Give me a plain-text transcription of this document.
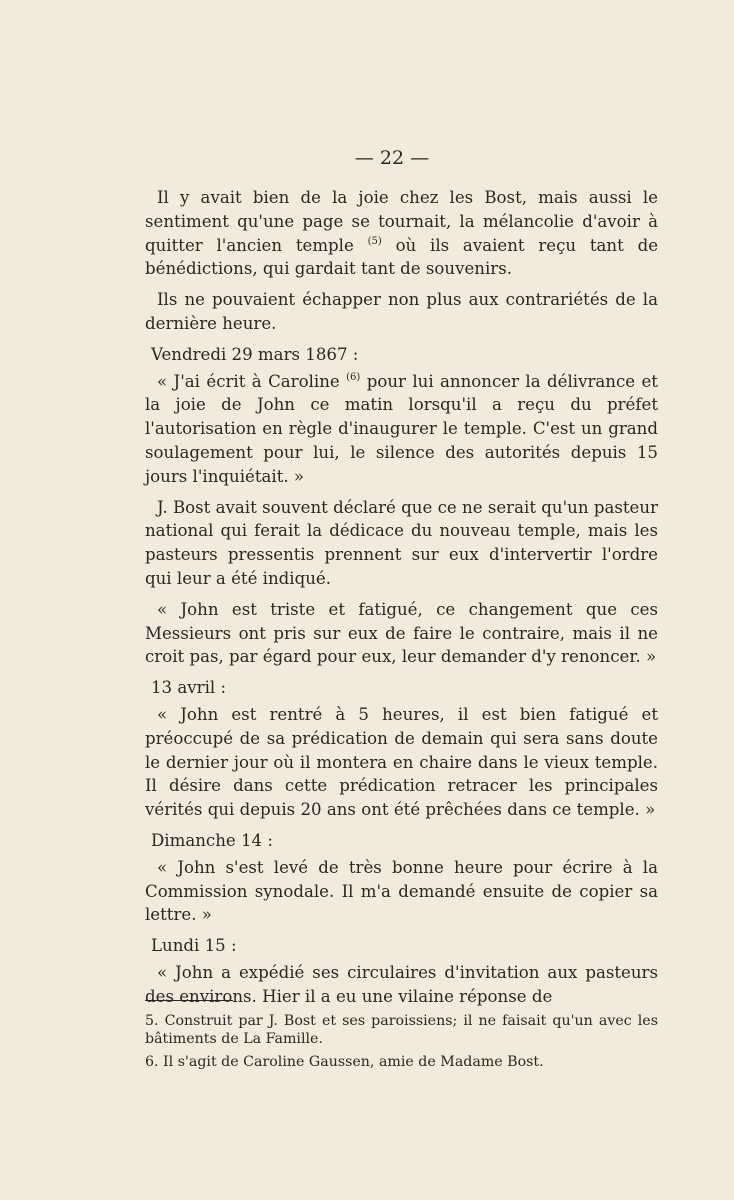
— 22 —

Il y avait bien de la joie chez les Bost, mais aussi le sentiment qu'une page se tournait, la mélancolie d'avoir à quitter l'ancien temple $^{(5)}$ où ils avaient reçu tant de bénédictions, qui gardait tant de souvenirs.

Ils ne pouvaient échapper non plus aux contrariétés de la dernière heure.

Vendredi 29 mars 1867 :

« J'ai écrit à Caroline $^{(6)}$ pour lui annoncer la délivrance et la joie de John ce matin lorsqu'il a reçu du préfet l'autorisation en règle d'inaugurer le temple. C'est un grand soulagement pour lui, le silence des autorités depuis 15 jours l'inquiétait. »

J. Bost avait souvent déclaré que ce ne serait qu'un pasteur national qui ferait la dédicace du nouveau temple, mais les pasteurs pressentis prennent sur eux d'intervertir l'ordre qui leur a été indiqué.

« John est triste et fatigué, ce changement que ces Messieurs ont pris sur eux de faire le contraire, mais il ne croit pas, par égard pour eux, leur demander d'y renoncer. »

13 avril :

« John est rentré à 5 heures, il est bien fatigué et préoccupé de sa prédication de demain qui sera sans doute le dernier jour où il montera en chaire dans le vieux temple. Il désire dans cette prédication retracer les principales vérités qui depuis 20 ans ont été prêchées dans ce temple. »

Dimanche 14 :

« John s'est levé de très bonne heure pour écrire à la Commission synodale. Il m'a demandé ensuite de copier sa lettre. »

Lundi 15 :

« John a expédié ses circulaires d'invitation aux pasteurs des environs. Hier il a eu une vilaine réponse de

5. Construit par J. Bost et ses paroissiens; il ne faisait qu'un avec les bâtiments de La Famille.

6. Il s'agit de Caroline Gaussen, amie de Madame Bost.
